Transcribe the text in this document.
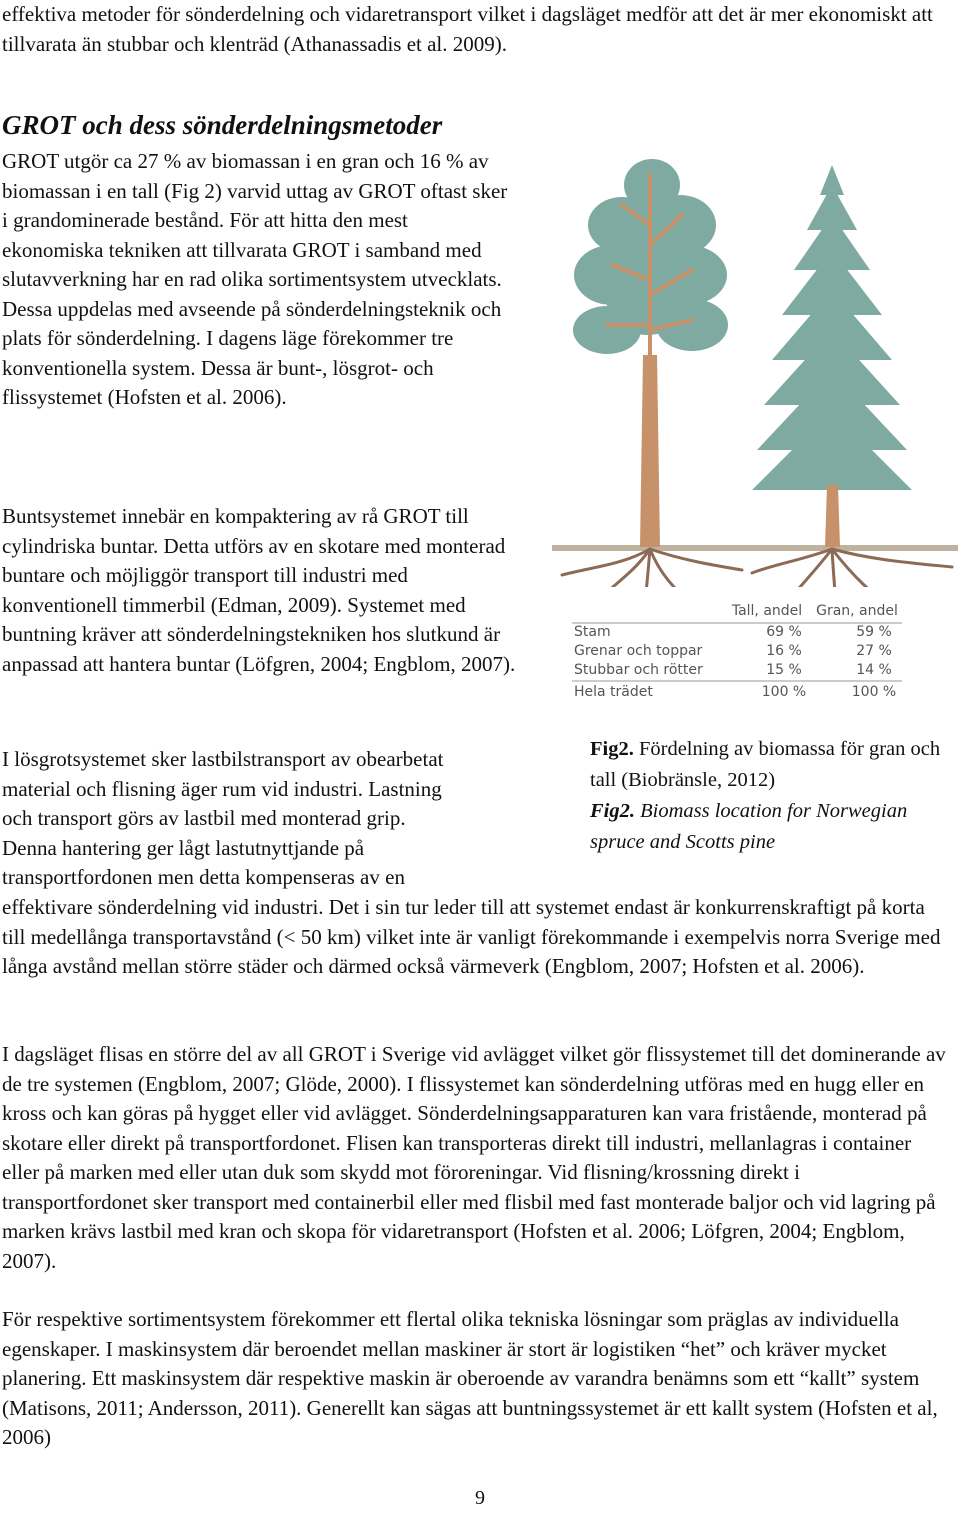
effektiva metoder för sönderdelning och vidaretransport vilket i dagsläget medför att det är mer ekonomiskt att tillvarata än stubbar och klenträd (Athanassadis et al. 2009).

GROT och dess sönderdelningsmetoder

GROT utgör ca 27 % av biomassan i en gran och 16 % av biomassan i en tall (Fig 2) varvid uttag av GROT oftast sker i grandominerade bestånd. För att hitta den mest ekonomiska tekniken att tillvarata GROT i samband med slutavverkning har en rad olika sortimentsystem utvecklats. Dessa uppdelas med avseende på sönderdelningsteknik och plats för sönderdelning. I dagens läge förekommer tre konventionella system. Dessa är bunt-, lösgrot- och flissystemet (Hofsten et al. 2006).

Buntsystemet innebär en kompaktering av rå GROT till cylindriska buntar. Detta utförs av en skotare med monterad buntare och möjliggör transport till industri med konventionell timmerbil (Edman, 2009). Systemet med buntning kräver att sönderdelningstekniken hos slutkund är anpassad att hantera buntar (Löfgren, 2004; Engblom, 2007).

I lösgrotsystemet sker lastbilstransport av obearbetat
material och flisning äger rum vid industri. Lastning
och transport görs av lastbil med monterad grip.
Denna hantering ger lågt lastutnyttjande på
transportfordonen men detta kompenseras av en

effektivare sönderdelning vid industri. Det i sin tur leder till att systemet endast är konkurrenskraftigt på korta till medellånga transportavstånd (< 50 km) vilket inte är vanligt förekommande i exempelvis norra Sverige med långa avstånd mellan större städer och därmed också värmeverk (Engblom, 2007; Hofsten et al. 2006).

I dagsläget flisas en större del av all GROT i Sverige vid avlägget vilket gör flissystemet till det dominerande av de tre systemen (Engblom, 2007; Glöde, 2000). I flissystemet kan sönderdelning utföras med en hugg eller en kross och kan göras på hygget eller vid avlägget. Sönderdelningsapparaturen kan vara fristående, monterad på skotare eller direkt på transportfordonet. Flisen kan transporteras direkt till industri, mellanlagras i container eller på marken med eller utan duk som skydd mot föroreningar. Vid flisning/krossning direkt i transportfordonet sker transport med containerbil eller med flisbil med fast monterade baljor och vid lagring på marken krävs lastbil med kran och skopa för vidaretransport (Hofsten et al. 2006; Löfgren, 2004; Engblom, 2007).

För respektive sortimentsystem förekommer ett flertal olika tekniska lösningar som präglas av individuella egenskaper. I maskinsystem där beroendet mellan maskiner är stort är logistiken “het” och kräver mycket planering. Ett maskinsystem där respektive maskin är oberoende av varandra benämns som ett “kallt” system (Matisons, 2011; Andersson, 2011). Generellt kan sägas att buntningssystemet är ett kallt system (Hofsten et al, 2006)

Tall, andel Gran, andel
Stam	69 %	59 %
Grenar och toppar	16 %	27 %
Stubbar och rötter	15 %	14 %
Hela trädet	100 %	100 %
Fig2. Fördelning av biomassa för gran och tall (Biobränsle, 2012)
Fig2. Biomass location for Norwegian spruce and Scotts pine
9
